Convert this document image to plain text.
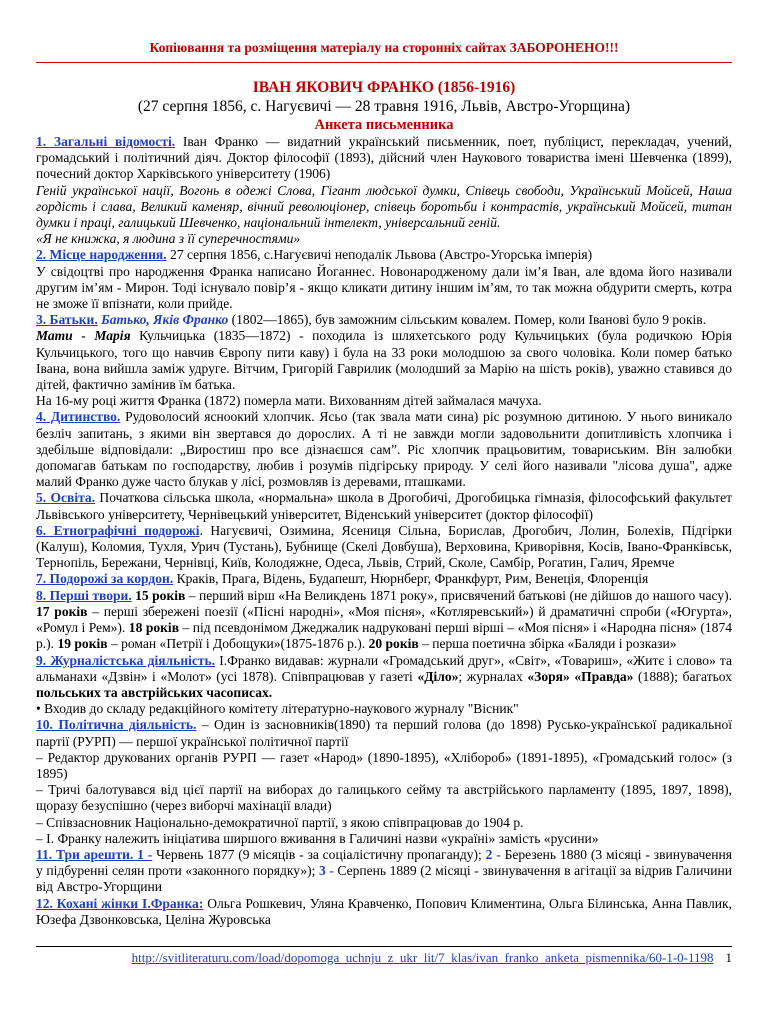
Копіювання та розміщення матеріалу на сторонніх сайтах ЗАБОРОНЕНО!!!

ІВАН ЯКОВИЧ ФРАНКО (1856-1916)

(27 серпня 1856, с. Нагуєвичі — 28 травня 1916, Львів, Австро-Угорщина)

Анкета письменника

1. Загальні відомості. Іван Франко — видатний український письменник, поет, публіцист, перекладач, учений, громадський і політичний діяч. Доктор філософії (1893), дійсний член Наукового товариства імені Шевченка (1899), почесний доктор Харківського університету (1906)

Геній української нації, Вогонь в одежі Слова, Гігант людської думки, Співець свободи, Український Мойсей, Наша гордість і слава, Великий каменяр, вічний революціонер, співець боротьби і контрастів, український Мойсей, титан думки і праці, галицький Шевченко, національний інтелект, універсальний геній.

«Я не книжка, я людина з її суперечностями»

2. Місце народження. 27 серпня 1856, с.Нагуєвичі неподалік Львова (Австро-Угорська імперія)

У свідоцтві про народження Франка написано Йоганнес. Новонародженому дали ім’я Іван, але вдома його називали другим ім’ям - Мирон. Тоді існувало повір’я - якщо кликати дитину іншим ім’ям, то так можна обдурити смерть, котра не зможе її впізнати, коли прийде.

3. Батьки. Батько, Яків Франко (1802—1865), був заможним сільським ковалем. Помер, коли Іванові було 9 років.

Мати - Марія Кульчицька (1835—1872) - походила із шляхетського роду Кульчицьких (була родичкою Юрія Кульчицького, того що навчив Європу пити каву) і була на 33 роки молодшою за свого чоловіка. Коли помер батько Івана, вона вийшла заміж удруге. Вітчим, Григорій Гаврилик (молодший за Марію на шість років), уважно ставився до дітей, фактично замінив їм батька.

На 16-му році життя Франка (1872) померла мати. Вихованням дітей займалася мачуха.

4. Дитинство. Рудоволосий ясноокий хлопчик. Ясьо (так звала мати сина) ріс розумною дитиною. У нього виникало безліч запитань, з якими він звертався до дорослих. А ті не завжди могли задовольнити допитливість хлопчика і здебільше відповідали: „Виростиш про все дізнаєшся сам”. Ріс хлопчик працьовитим, товариським. Він залюбки допомагав батькам по господарству, любив і розумів підгірську природу. У селі його називали "лісова душа", адже малий Франко дуже часто блукав у лісі, розмовляв із деревами, пташками.

5. Освіта. Початкова сільська школа, «нормальна» школа в Дрогобичі, Дрогобицька гімназія, філософський факультет Львівського університету, Чернівецький університет, Віденський університет (доктор філософії)

6. Етнографічні подорожі. Нагуєвичі, Озимина, Ясениця Сільна, Борислав, Дрогобич, Лолин, Болехів, Підгірки (Калуш), Коломия, Тухля, Урич (Тустань), Бубнище (Скелі Довбуша), Верховина, Криворівня, Косів, Івано-Франківськ, Тернопіль, Бережани, Чернівці, Київ, Колодяжне, Одеса, Львів, Стрий, Сколе, Самбір, Рогатин, Галич, Яремче

7. Подорожі за кордон. Краків, Прага, Відень, Будапешт, Нюрнберг, Франкфурт, Рим, Венеція, Флоренція

8. Перші твори. 15 років – перший вірш «На Великдень 1871 року», присвячений батькові (не дійшов до нашого часу). 17 років – перші збережені поезії («Пісні народні», «Моя пісня», «Котляревський») й драматичні спроби («Югурта», «Ромул і Рем»). 18 років – під псевдонімом Джеджалик надруковані перші вірші – «Моя пісня» і «Народна пісня» (1874 р.). 19 років – роман «Петрії і Добощуки»(1875-1876 р.). 20 років – перша поетична збірка «Баляди і розкази»

9. Журналістська діяльність. І.Франко видавав: журнали «Громадський друг», «Світ», «Товариш», «Житє і слово» та альманахи «Дзвін» і «Молот» (усі 1878). Співпрацював у газеті «Діло»; журналах «Зоря» «Правда» (1888); багатьох польських та австрійських часописах.

• Входив до складу редакційного комітету літературно-наукового журналу "Вісник"

10. Політична діяльність. – Один із засновників(1890) та перший голова (до 1898) Русько-української радикальної партії (РУРП) — першої української політичної партії

– Редактор друкованих органів РУРП — газет «Народ» (1890-1895), «Хлібороб» (1891-1895), «Громадський голос» (з 1895)

– Тричі балотувався від цієї партії на виборах до галицького сейму та австрійського парламенту (1895, 1897, 1898), щоразу безуспішно (через виборчі махінації влади)

– Співзасновник Національно-демократичної партії, з якою співпрацював до 1904 р.

– І. Франку належить ініціатива ширшого вживання в Галичині назви «україні» замість «русини»

11. Три арешти. 1 - Червень 1877 (9 місяців - за соціалістичну пропаганду); 2 - Березень 1880 (3 місяці - звинувачення у підбуренні селян проти «законного порядку»); 3 - Серпень 1889 (2 місяці - звинувачення в агітації за відрив Галичини від Австро-Угорщини

12. Кохані жінки І.Франка: Ольга Рошкевич, Уляна Кравченко, Попович Климентина, Ольга Білинська, Анна Павлик, Юзефа Дзвонковська, Целіна Журовська

http://svitliteraturu.com/load/dopomoga_uchnju_z_ukr_lit/7_klas/ivan_franko_anketa_pismennika/60-1-0-1198 1
